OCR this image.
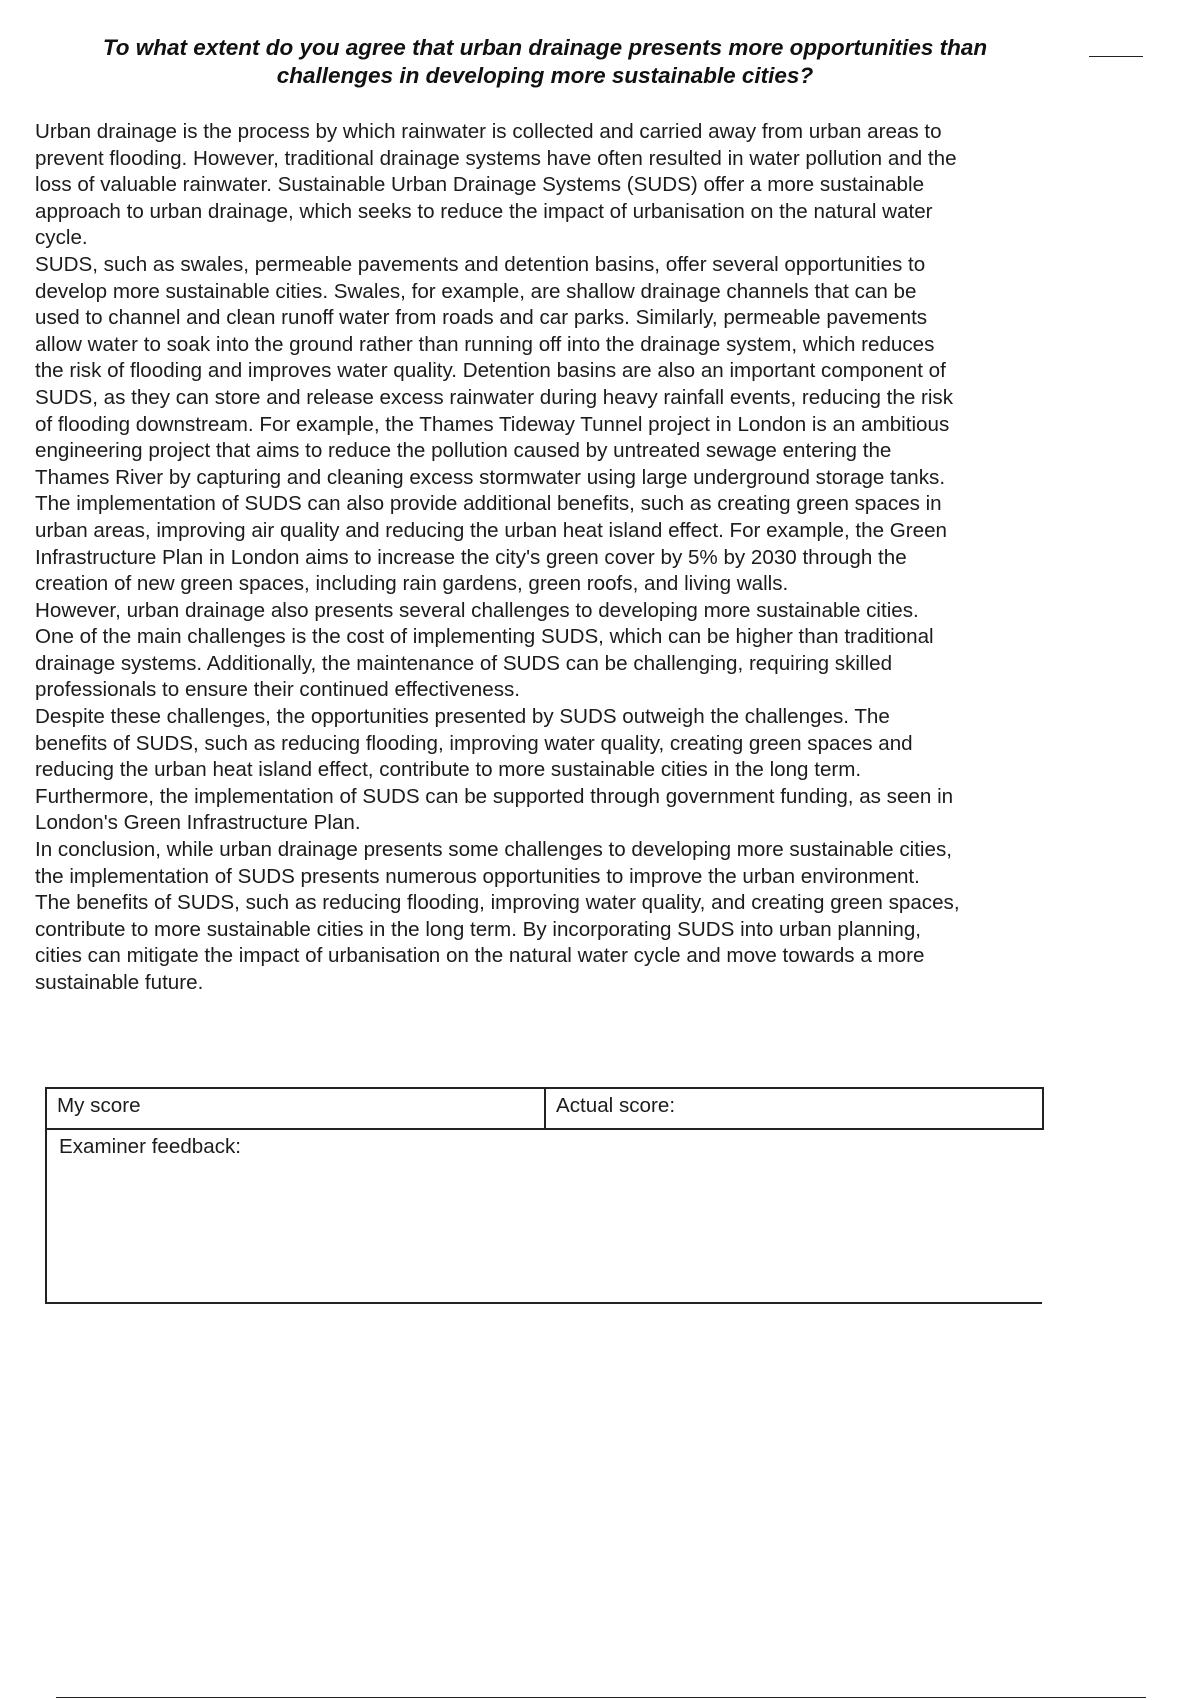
To what extent do you agree that urban drainage presents more opportunities than challenges in developing more sustainable cities?

Urban drainage is the process by which rainwater is collected and carried away from urban areas to prevent flooding. However, traditional drainage systems have often resulted in water pollution and the loss of valuable rainwater. Sustainable Urban Drainage Systems (SUDS) offer a more sustainable approach to urban drainage, which seeks to reduce the impact of urbanisation on the natural water cycle.

SUDS, such as swales, permeable pavements and detention basins, offer several opportunities to develop more sustainable cities. Swales, for example, are shallow drainage channels that can be used to channel and clean runoff water from roads and car parks. Similarly, permeable pavements allow water to soak into the ground rather than running off into the drainage system, which reduces the risk of flooding and improves water quality. Detention basins are also an important component of SUDS, as they can store and release excess rainwater during heavy rainfall events, reducing the risk of flooding downstream. For example, the Thames Tideway Tunnel project in London is an ambitious engineering project that aims to reduce the pollution caused by untreated sewage entering the Thames River by capturing and cleaning excess stormwater using large underground storage tanks.

The implementation of SUDS can also provide additional benefits, such as creating green spaces in urban areas, improving air quality and reducing the urban heat island effect. For example, the Green Infrastructure Plan in London aims to increase the city's green cover by 5% by 2030 through the creation of new green spaces, including rain gardens, green roofs, and living walls.

However, urban drainage also presents several challenges to developing more sustainable cities. One of the main challenges is the cost of implementing SUDS, which can be higher than traditional drainage systems. Additionally, the maintenance of SUDS can be challenging, requiring skilled professionals to ensure their continued effectiveness.

Despite these challenges, the opportunities presented by SUDS outweigh the challenges. The benefits of SUDS, such as reducing flooding, improving water quality, creating green spaces and reducing the urban heat island effect, contribute to more sustainable cities in the long term. Furthermore, the implementation of SUDS can be supported through government funding, as seen in London's Green Infrastructure Plan.

In conclusion, while urban drainage presents some challenges to developing more sustainable cities, the implementation of SUDS presents numerous opportunities to improve the urban environment. The benefits of SUDS, such as reducing flooding, improving water quality, and creating green spaces, contribute to more sustainable cities in the long term. By incorporating SUDS into urban planning, cities can mitigate the impact of urbanisation on the natural water cycle and move towards a more sustainable future.

My score	Actual score:
Examiner feedback:
